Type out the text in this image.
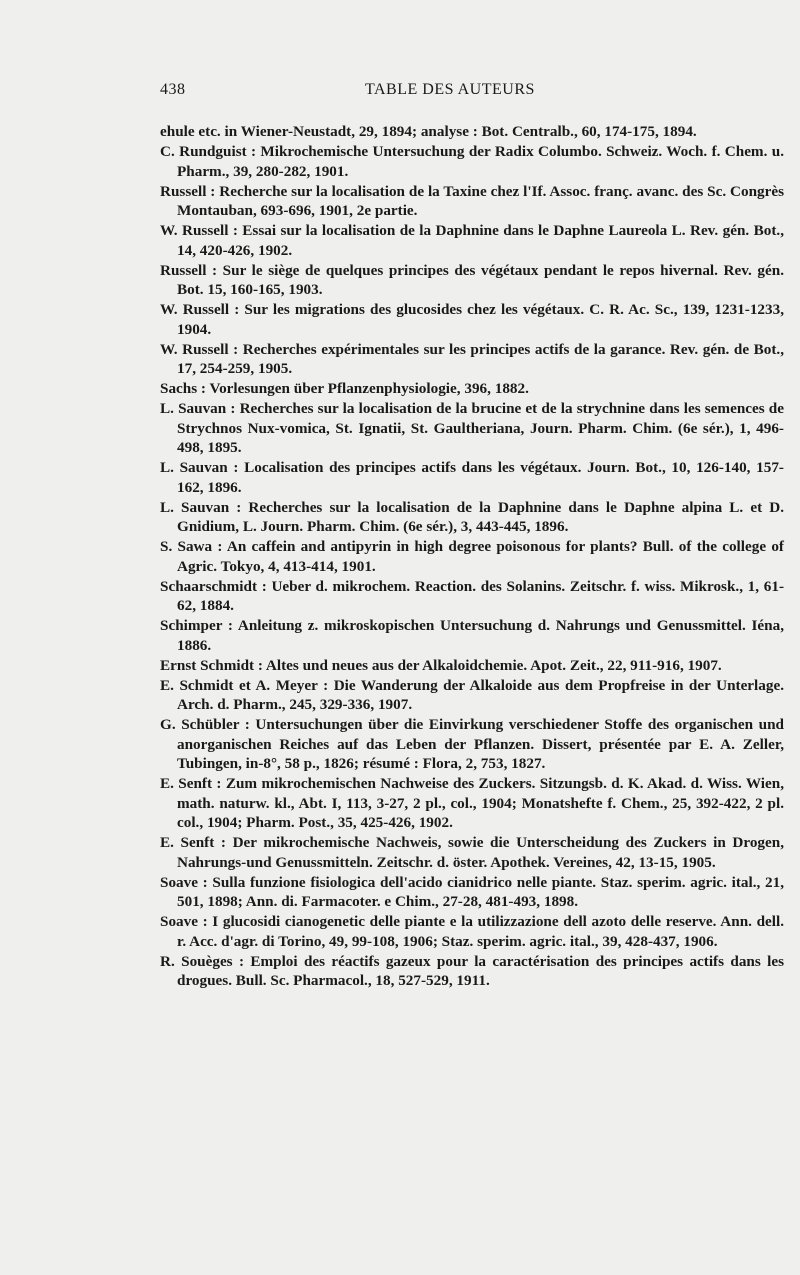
438	TABLE DES AUTEURS

ehule etc. in Wiener-Neustadt, 29, 1894; analyse : Bot. Centralb., 60, 174-175, 1894.

C. Rundguist : Mikrochemische Untersuchung der Radix Columbo. Schweiz. Woch. f. Chem. u. Pharm., 39, 280-282, 1901.

Russell : Recherche sur la localisation de la Taxine chez l'If. Assoc. franç. avanc. des Sc. Congrès Montauban, 693-696, 1901, 2e partie.

W. Russell : Essai sur la localisation de la Daphnine dans le Daphne Laureola L. Rev. gén. Bot., 14, 420-426, 1902.

Russell : Sur le siège de quelques principes des végétaux pendant le repos hivernal. Rev. gén. Bot. 15, 160-165, 1903.

W. Russell : Sur les migrations des glucosides chez les végétaux. C. R. Ac. Sc., 139, 1231-1233, 1904.

W. Russell : Recherches expérimentales sur les principes actifs de la garance. Rev. gén. de Bot., 17, 254-259, 1905.

Sachs : Vorlesungen über Pflanzenphysiologie, 396, 1882.

L. Sauvan : Recherches sur la localisation de la brucine et de la strychnine dans les semences de Strychnos Nux-vomica, St. Ignatii, St. Gaultheriana, Journ. Pharm. Chim. (6e sér.), 1, 496-498, 1895.

L. Sauvan : Localisation des principes actifs dans les végétaux. Journ. Bot., 10, 126-140, 157-162, 1896.

L. Sauvan : Recherches sur la localisation de la Daphnine dans le Daphne alpina L. et D. Gnidium, L. Journ. Pharm. Chim. (6e sér.), 3, 443-445, 1896.

S. Sawa : An caffein and antipyrin in high degree poisonous for plants? Bull. of the college of Agric. Tokyo, 4, 413-414, 1901.

Schaarschmidt : Ueber d. mikrochem. Reaction. des Solanins. Zeitschr. f. wiss. Mikrosk., 1, 61-62, 1884.

Schimper : Anleitung z. mikroskopischen Untersuchung d. Nahrungs und Genussmittel. Iéna, 1886.

Ernst Schmidt : Altes und neues aus der Alkaloidchemie. Apot. Zeit., 22, 911-916, 1907.

E. Schmidt et A. Meyer : Die Wanderung der Alkaloide aus dem Propfreise in der Unterlage. Arch. d. Pharm., 245, 329-336, 1907.

G. Schübler : Untersuchungen über die Einvirkung verschiedener Stoffe des organischen und anorganischen Reiches auf das Leben der Pflanzen. Dissert, présentée par E. A. Zeller, Tubingen, in-8°, 58 p., 1826; résumé : Flora, 2, 753, 1827.

E. Senft : Zum mikrochemischen Nachweise des Zuckers. Sitzungsb. d. K. Akad. d. Wiss. Wien, math. naturw. kl., Abt. I, 113, 3-27, 2 pl., col., 1904; Monatshefte f. Chem., 25, 392-422, 2 pl. col., 1904; Pharm. Post., 35, 425-426, 1902.

E. Senft : Der mikrochemische Nachweis, sowie die Unterscheidung des Zuckers in Drogen, Nahrungs-und Genussmitteln. Zeitschr. d. öster. Apothek. Vereines, 42, 13-15, 1905.

Soave : Sulla funzione fisiologica dell'acido cianidrico nelle piante. Staz. sperim. agric. ital., 21, 501, 1898; Ann. di. Farmacoter. e Chim., 27-28, 481-493, 1898.

Soave : I glucosidi cianogenetic delle piante e la utilizzazione dell azoto delle reserve. Ann. dell. r. Acc. d'agr. di Torino, 49, 99-108, 1906; Staz. sperim. agric. ital., 39, 428-437, 1906.

R. Souèges : Emploi des réactifs gazeux pour la caractérisation des principes actifs dans les drogues. Bull. Sc. Pharmacol., 18, 527-529, 1911.
